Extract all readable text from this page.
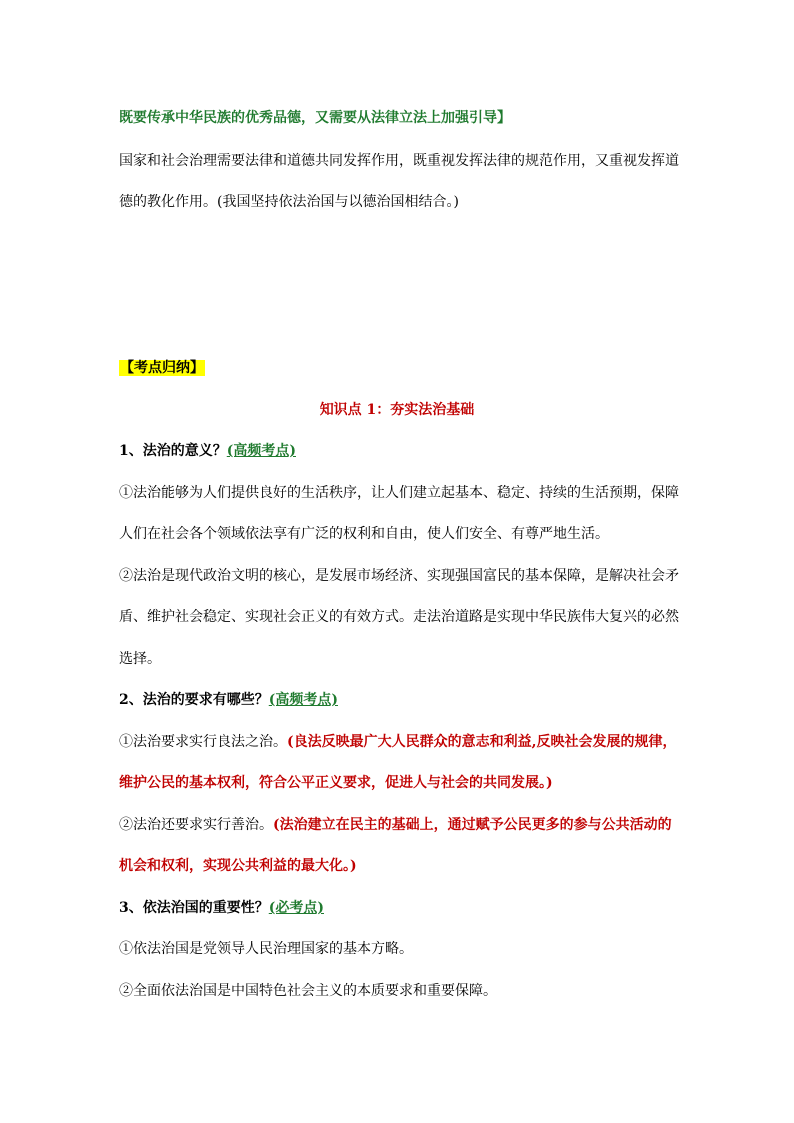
既要传承中华民族的优秀品德，又需要从法律立法上加强引导】
国家和社会治理需要法律和道德共同发挥作用，既重视发挥法律的规范作用，又重视发挥道
德的教化作用。(我国坚持依法治国与以德治国相结合。)
【考点归纳】
知识点 1：夯实法治基础
1、法治的意义？(高频考点)
①法治能够为人们提供良好的生活秩序，让人们建立起基本、稳定、持续的生活预期，保障
人们在社会各个领域依法享有广泛的权利和自由，使人们安全、有尊严地生活。
②法治是现代政治文明的核心，是发展市场经济、实现强国富民的基本保障，是解决社会矛
盾、维护社会稳定、实现社会正义的有效方式。走法治道路是实现中华民族伟大复兴的必然
选择。
2、法治的要求有哪些？(高频考点)
①法治要求实行良法之治。(良法反映最广大人民群众的意志和利益,反映社会发展的规律，
维护公民的基本权利，符合公平正义要求，促进人与社会的共同发展。)
②法治还要求实行善治。(法治建立在民主的基础上，通过赋予公民更多的参与公共活动的
机会和权利，实现公共利益的最大化。)
3、依法治国的重要性？(必考点)
①依法治国是党领导人民治理国家的基本方略。
②全面依法治国是中国特色社会主义的本质要求和重要保障。
